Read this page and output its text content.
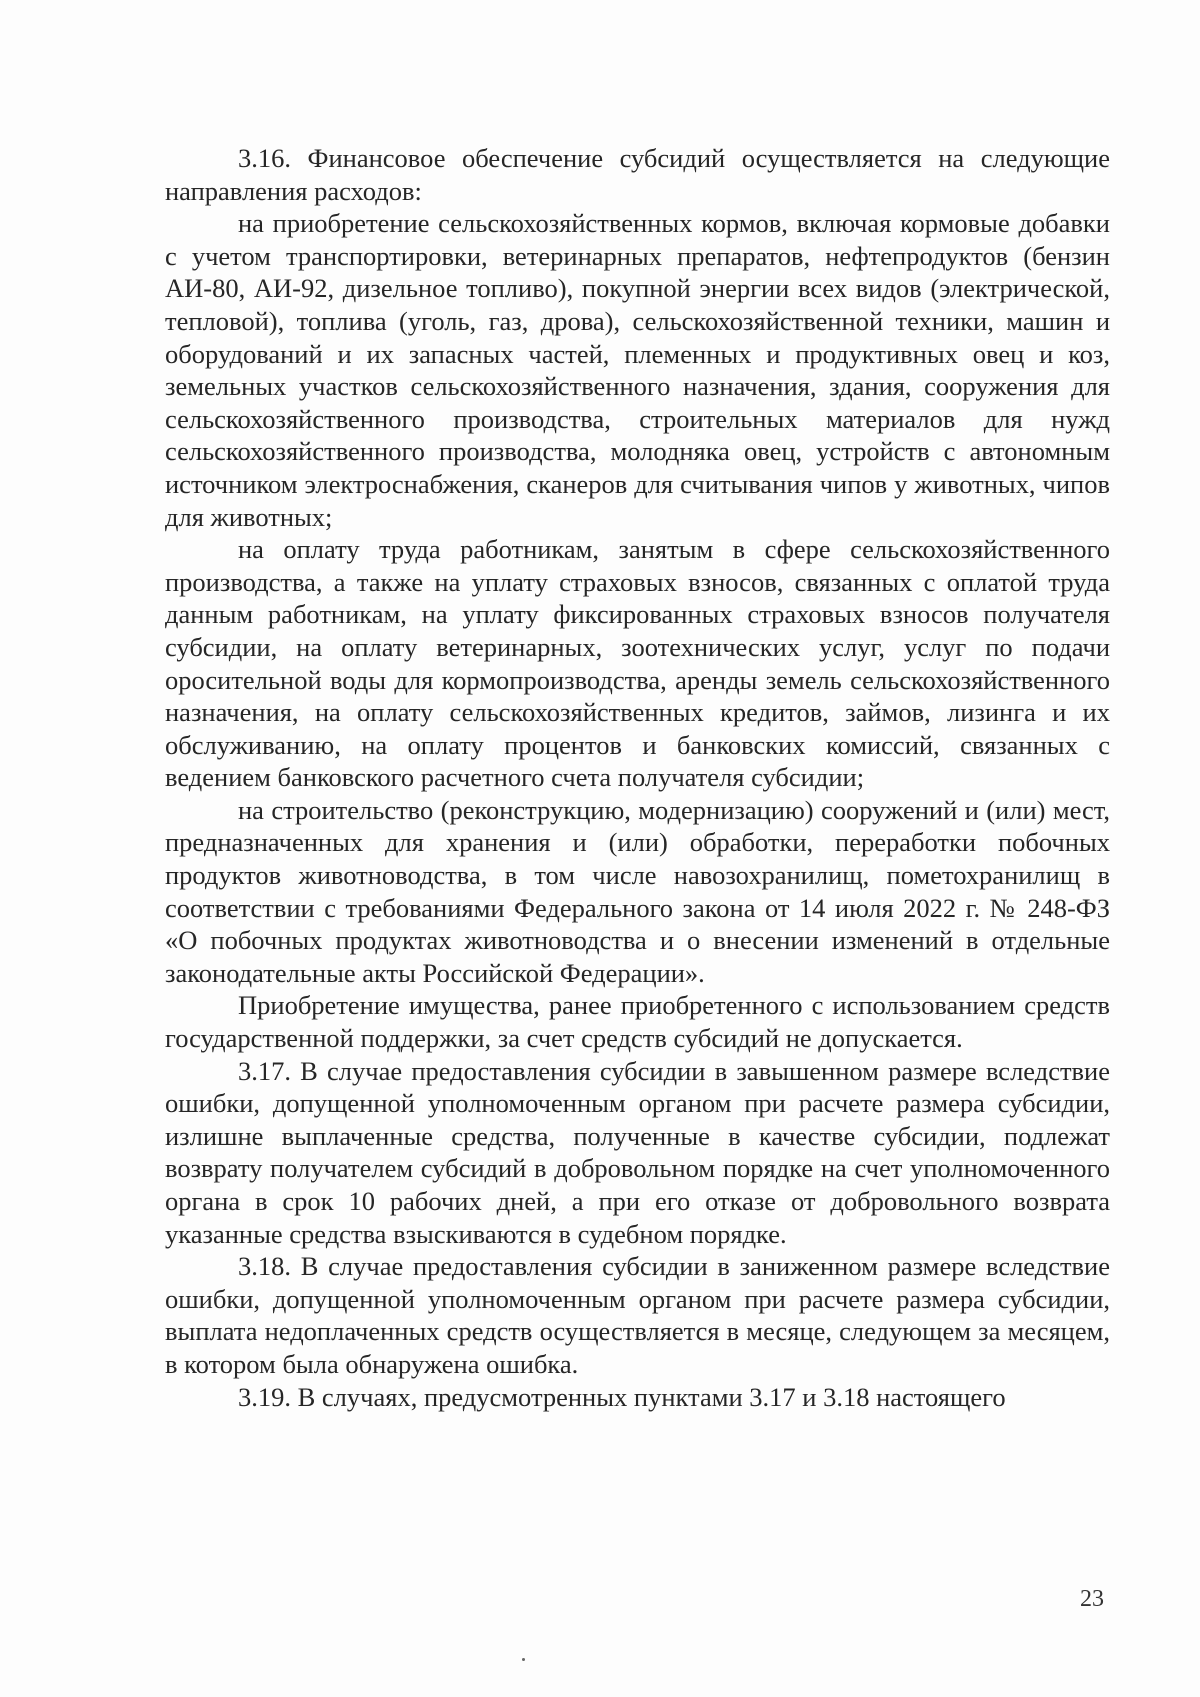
3.16. Финансовое обеспечение субсидий осуществляется на следующие направления расходов:

на приобретение сельскохозяйственных кормов, включая кормовые добавки с учетом транспортировки, ветеринарных препаратов, нефтепродуктов (бензин АИ-80, АИ-92, дизельное топливо), покупной энергии всех видов (электрической, тепловой), топлива (уголь, газ, дрова), сельскохозяйственной техники, машин и оборудований и их запасных частей, племенных и продуктивных овец и коз, земельных участков сельскохозяйственного назначения, здания, сооружения для сельскохозяйственного производства, строительных материалов для нужд сельскохозяйственного производства, молодняка овец, устройств с автономным источником электроснабжения, сканеров для считывания чипов у животных, чипов для животных;

на оплату труда работникам, занятым в сфере сельскохозяйственного производства, а также на уплату страховых взносов, связанных с оплатой труда данным работникам, на уплату фиксированных страховых взносов получателя субсидии, на оплату ветеринарных, зоотехнических услуг, услуг по подачи оросительной воды для кормопроизводства, аренды земель сельскохозяйственного назначения, на оплату сельскохозяйственных кредитов, займов, лизинга и их обслуживанию, на оплату процентов и банковских комиссий, связанных с ведением банковского расчетного счета получателя субсидии;

на строительство (реконструкцию, модернизацию) сооружений и (или) мест, предназначенных для хранения и (или) обработки, переработки побочных продуктов животноводства, в том числе навозохранилищ, пометохранилищ в соответствии с требованиями Федерального закона от 14 июля 2022 г. № 248-ФЗ «О побочных продуктах животноводства и о внесении изменений в отдельные законодательные акты Российской Федерации».

Приобретение имущества, ранее приобретенного с использованием средств государственной поддержки, за счет средств субсидий не допускается.

3.17. В случае предоставления субсидии в завышенном размере вследствие ошибки, допущенной уполномоченным органом при расчете размера субсидии, излишне выплаченные средства, полученные в качестве субсидии, подлежат возврату получателем субсидий в добровольном порядке на счет уполномоченного органа в срок 10 рабочих дней, а при его отказе от добровольного возврата указанные средства взыскиваются в судебном порядке.

3.18. В случае предоставления субсидии в заниженном размере вследствие ошибки, допущенной уполномоченным органом при расчете размера субсидии, выплата недоплаченных средств осуществляется в месяце, следующем за месяцем, в котором была обнаружена ошибка.

3.19. В случаях, предусмотренных пунктами 3.17 и 3.18 настоящего

23
